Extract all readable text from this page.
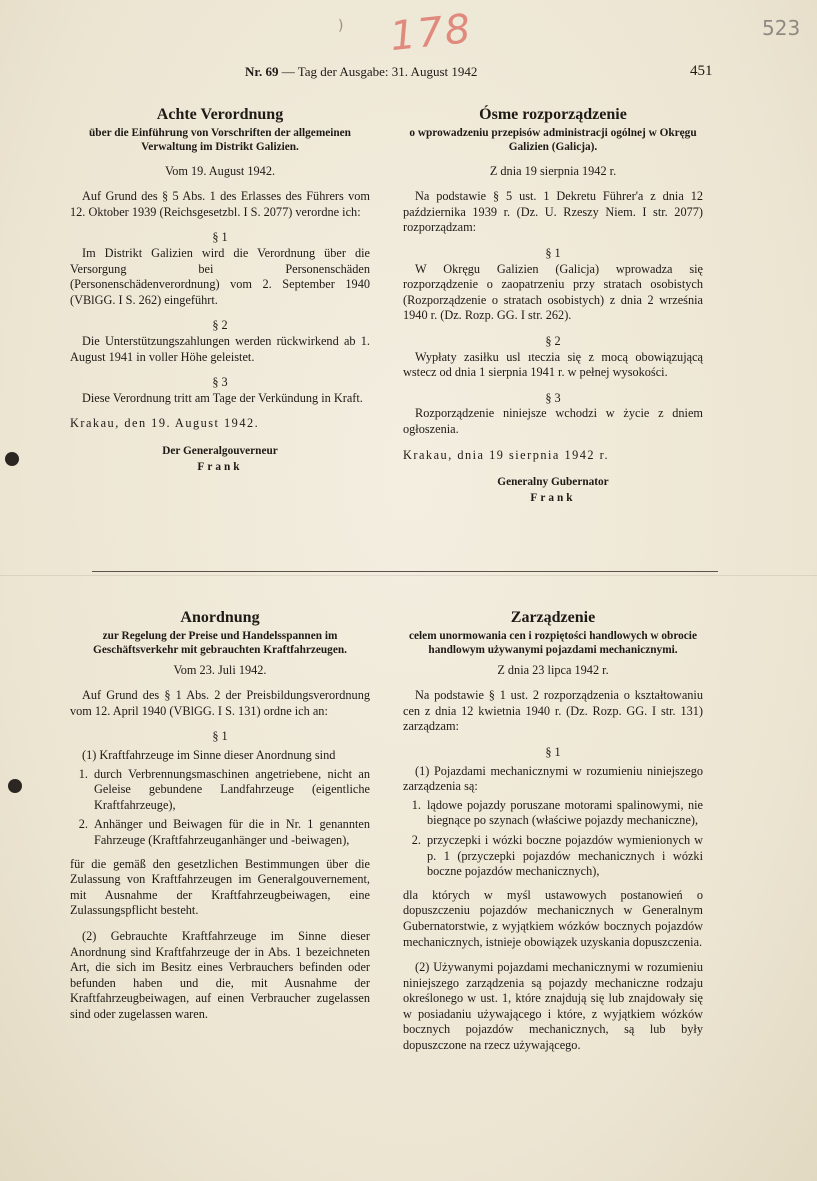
178	523
)
Nr. 69 — Tag der Ausgabe: 31. August 1942	451

Achte Verordnung

über die Einführung von Vorschriften der allgemeinen Verwaltung im Distrikt Galizien.

Vom 19. August 1942.

Auf Grund des § 5 Abs. 1 des Erlasses des Führers vom 12. Oktober 1939 (Reichsgesetzbl. I S. 2077) verordne ich:

§ 1

Im Distrikt Galizien wird die Verordnung über die Versorgung bei Personenschäden (Personenschädenverordnung) vom 2. September 1940 (VBlGG. I S. 262) eingeführt.

§ 2

Die Unterstützungszahlungen werden rückwirkend ab 1. August 1941 in voller Höhe geleistet.

§ 3

Diese Verordnung tritt am Tage der Verkündung in Kraft.

Krakau, den 19. August 1942.

Der Generalgouverneur

Frank

Ósme rozporządzenie

o wprowadzeniu przepisów administracji ogólnej w Okręgu Galizien (Galicja).

Z dnia 19 sierpnia 1942 r.

Na podstawie § 5 ust. 1 Dekretu Führer'a z dnia 12 października 1939 r. (Dz. U. Rzeszy Niem. I str. 2077) rozporządzam:

§ 1

W Okręgu Galizien (Galicja) wprowadza się rozporządzenie o zaopatrzeniu przy stratach osobistych (Rozporządzenie o stratach osobistych) z dnia 2 września 1940 r. (Dz. Rozp. GG. I str. 262).

§ 2

Wypłaty zasiłku usl ıteczia się z mocą obowiązującą wstecz od dnia 1 sierpnia 1941 r. w pełnej wysokości.

§ 3

Rozporządzenie niniejsze wchodzi w życie z dniem ogłoszenia.

Krakau, dnia 19 sierpnia 1942 r.

Generalny Gubernator

Frank

Anordnung

zur Regelung der Preise und Handelsspannen im Geschäftsverkehr mit gebrauchten Kraftfahrzeugen.

Vom 23. Juli 1942.

Auf Grund des § 1 Abs. 2 der Preisbildungsverordnung vom 12. April 1940 (VBlGG. I S. 131) ordne ich an:

§ 1

(1) Kraftfahrzeuge im Sinne dieser Anordnung sind

1. durch Verbrennungsmaschinen angetriebene, nicht an Geleise gebundene Landfahrzeuge (eigentliche Kraftfahrzeuge),
2. Anhänger und Beiwagen für die in Nr. 1 genannten Fahrzeuge (Kraftfahrzeuganhänger und -beiwagen),

für die gemäß den gesetzlichen Bestimmungen über die Zulassung von Kraftfahrzeugen im Generalgouvernement, mit Ausnahme der Kraftfahrzeugbeiwagen, eine Zulassungspflicht besteht.

(2) Gebrauchte Kraftfahrzeuge im Sinne dieser Anordnung sind Kraftfahrzeuge der in Abs. 1 bezeichneten Art, die sich im Besitz eines Verbrauchers befinden oder befunden haben und die, mit Ausnahme der Kraftfahrzeugbeiwagen, auf einen Verbraucher zugelassen sind oder zugelassen waren.

Zarządzenie

celem unormowania cen i rozpiętości handlowych w obrocie handlowym używanymi pojazdami mechanicznymi.

Z dnia 23 lipca 1942 r.

Na podstawie § 1 ust. 2 rozporządzenia o kształtowaniu cen z dnia 12 kwietnia 1940 r. (Dz. Rozp. GG. I str. 131) zarządzam:

§ 1

(1) Pojazdami mechanicznymi w rozumieniu niniejszego zarządzenia są:

1. lądowe pojazdy poruszane motorami spalinowymi, nie biegnące po szynach (właściwe pojazdy mechaniczne),
2. przyczepki i wózki boczne pojazdów wymienionych w p. 1 (przyczepki pojazdów mechanicznych i wózki boczne pojazdów mechanicznych),

dla których w myśl ustawowych postanowień o dopuszczeniu pojazdów mechanicznych w Generalnym Gubernatorstwie, z wyjątkiem wózków bocznych pojazdów mechanicznych, istnieje obowiązek uzyskania dopuszczenia.

(2) Używanymi pojazdami mechanicznymi w rozumieniu niniejszego zarządzenia są pojazdy mechaniczne rodzaju określonego w ust. 1, które znajdują się lub znajdowały się w posiadaniu używającego i które, z wyjątkiem wózków bocznych pojazdów mechanicznych, są lub były dopuszczone na rzecz używającego.
